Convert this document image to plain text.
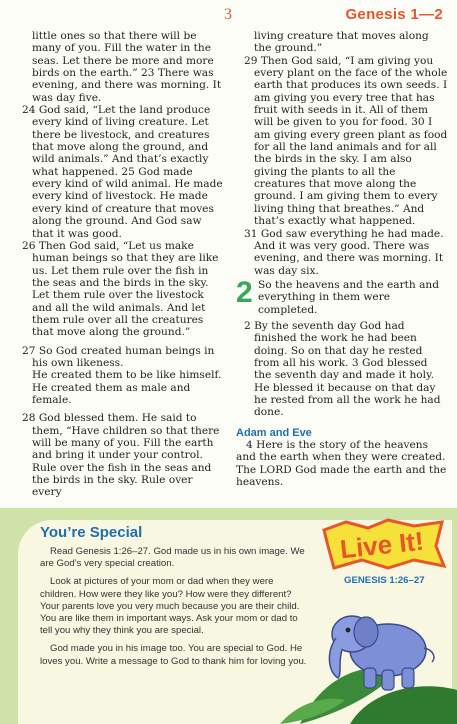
3	Genesis 1—2

little ones so that there will be many of you. Fill the water in the seas. Let there be more and more birds on the earth.” 23 There was evening, and there was morning. It was day five.

24 God said, “Let the land produce every kind of living creature. Let there be livestock, and creatures that move along the ground, and wild animals.” And that’s exactly what happened. 25 God made every kind of wild animal. He made every kind of livestock. He made every kind of creature that moves along the ground. And God saw that it was good.

26 Then God said, “Let us make human beings so that they are like us. Let them rule over the fish in the seas and the birds in the sky. Let them rule over the livestock and all the wild animals. And let them rule over all the creatures that move along the ground.”

27 So God created human beings in his own likeness.

He created them to be like himself.

He created them as male and female.

28 God blessed them. He said to them, “Have children so that there will be many of you. Fill the earth and bring it under your control. Rule over the fish in the seas and the birds in the sky. Rule over every

living creature that moves along the ground.”

29 Then God said, “I am giving you every plant on the face of the whole earth that produces its own seeds. I am giving you every tree that has fruit with seeds in it. All of them will be given to you for food. 30 I am giving every green plant as food for all the land animals and for all the birds in the sky. I am also giving the plants to all the creatures that move along the ground. I am giving them to every living thing that breathes.” And that’s exactly what happened.

31 God saw everything he had made. And it was very good. There was evening, and there was morning. It was day six.

2 So the heavens and the earth and everything in them were completed.

2 By the seventh day God had finished the work he had been doing. So on that day he rested from all his work. 3 God blessed the seventh day and made it holy. He blessed it because on that day he rested from all the work he had done.

Adam and Eve

4 Here is the story of the heavens and the earth when they were created. The LORD God made the earth and the heavens.

You’re Special

Read Genesis 1:26–27. God made us in his own image. We are God’s very special creation.

Look at pictures of your mom or dad when they were children. How were they like you? How were they different? Your parents love you very much because you are their child. You are like them in important ways. Ask your mom or dad to tell you why they think you are special.

God made you in his image too. You are special to God. He loves you. Write a message to God to thank him for loving you.

Live It!
GENESIS 1:26–27
